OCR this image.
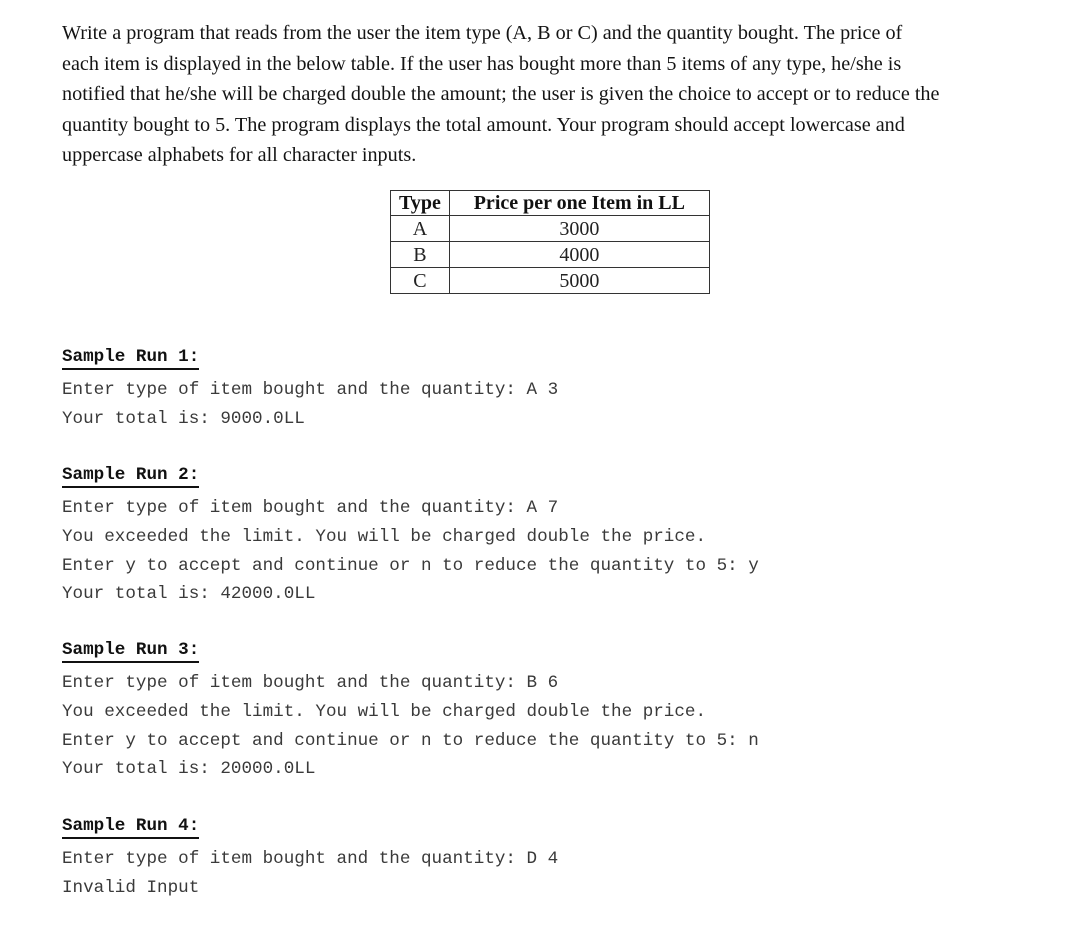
Write a program that reads from the user the item type (A, B or C) and the quantity bought. The price of
each item is displayed in the below table. If the user has bought more than 5 items of any type, he/she is
notified that he/she will be charged double the amount; the user is given the choice to accept or to reduce the
quantity bought to 5. The program displays the total amount. Your program should accept lowercase and
uppercase alphabets for all character inputs.
Type	Price per one Item in LL
A	3000
B	4000
C	5000
Sample Run 1:
Enter type of item bought and the quantity: A 3
Your total is: 9000.0LL
Sample Run 2:
Enter type of item bought and the quantity: A 7
You exceeded the limit. You will be charged double the price.
Enter y to accept and continue or n to reduce the quantity to 5: y
Your total is: 42000.0LL
Sample Run 3:
Enter type of item bought and the quantity: B 6
You exceeded the limit. You will be charged double the price.
Enter y to accept and continue or n to reduce the quantity to 5: n
Your total is: 20000.0LL
Sample Run 4:
Enter type of item bought and the quantity: D 4
Invalid Input
